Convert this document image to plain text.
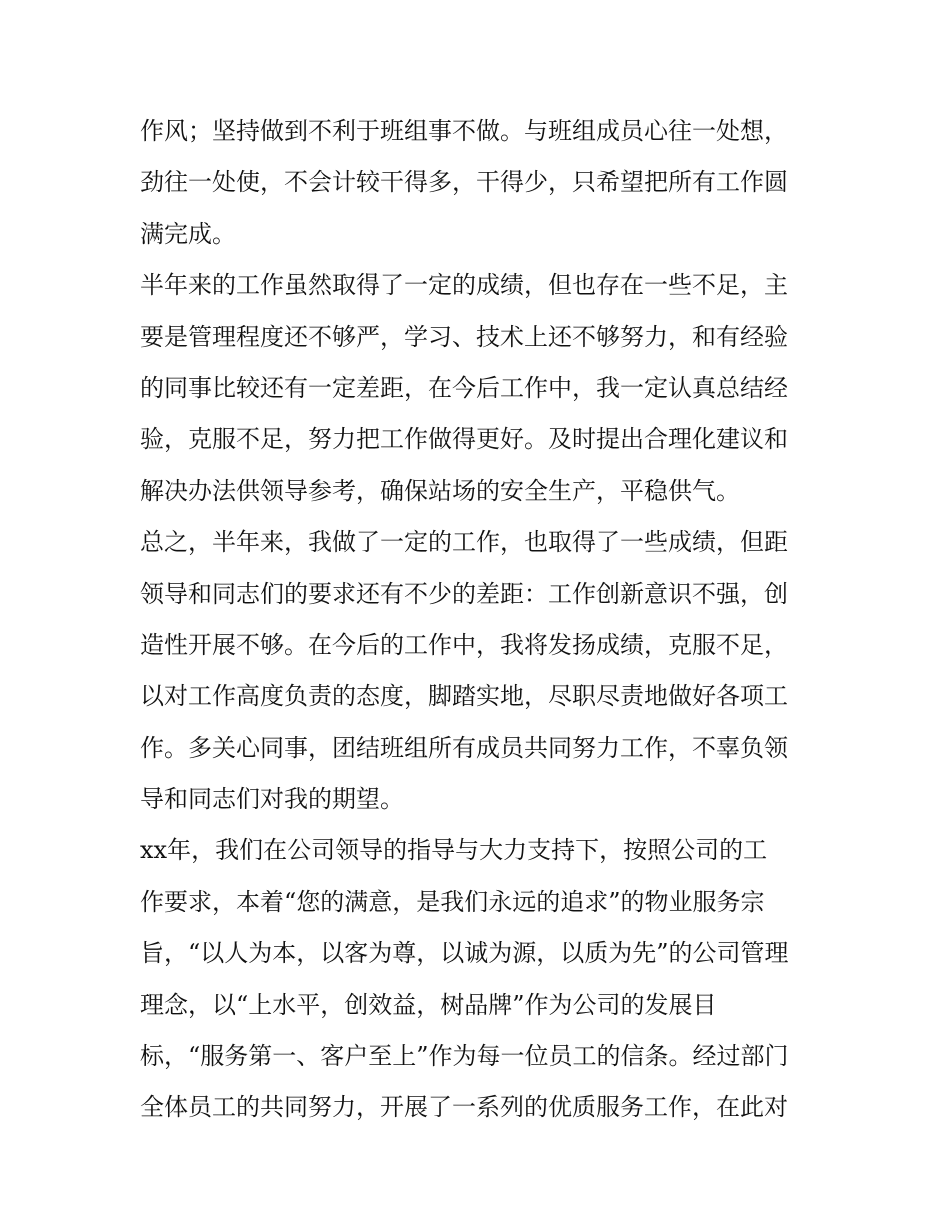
作风；坚持做到不利于班组事不做。与班组成员心往一处想，
劲往一处使，不会计较干得多，干得少，只希望把所有工作圆
满完成。
半年来的工作虽然取得了一定的成绩，但也存在一些不足，主
要是管理程度还不够严，学习、技术上还不够努力，和有经验
的同事比较还有一定差距，在今后工作中，我一定认真总结经
验，克服不足，努力把工作做得更好。及时提出合理化建议和
解决办法供领导参考，确保站场的安全生产，平稳供气。
总之，半年来，我做了一定的工作，也取得了一些成绩，但距
领导和同志们的要求还有不少的差距：工作创新意识不强，创
造性开展不够。在今后的工作中，我将发扬成绩，克服不足，
以对工作高度负责的态度，脚踏实地，尽职尽责地做好各项工
作。多关心同事，团结班组所有成员共同努力工作，不辜负领
导和同志们对我的期望。
xx年，我们在公司领导的指导与大力支持下，按照公司的工
作要求，本着“您的满意，是我们永远的追求”的物业服务宗
旨，“以人为本，以客为尊，以诚为源，以质为先”的公司管理
理念，以“上水平，创效益，树品牌”作为公司的发展目
标，“服务第一、客户至上”作为每一位员工的信条。经过部门
全体员工的共同努力，开展了一系列的优质服务工作，在此对
